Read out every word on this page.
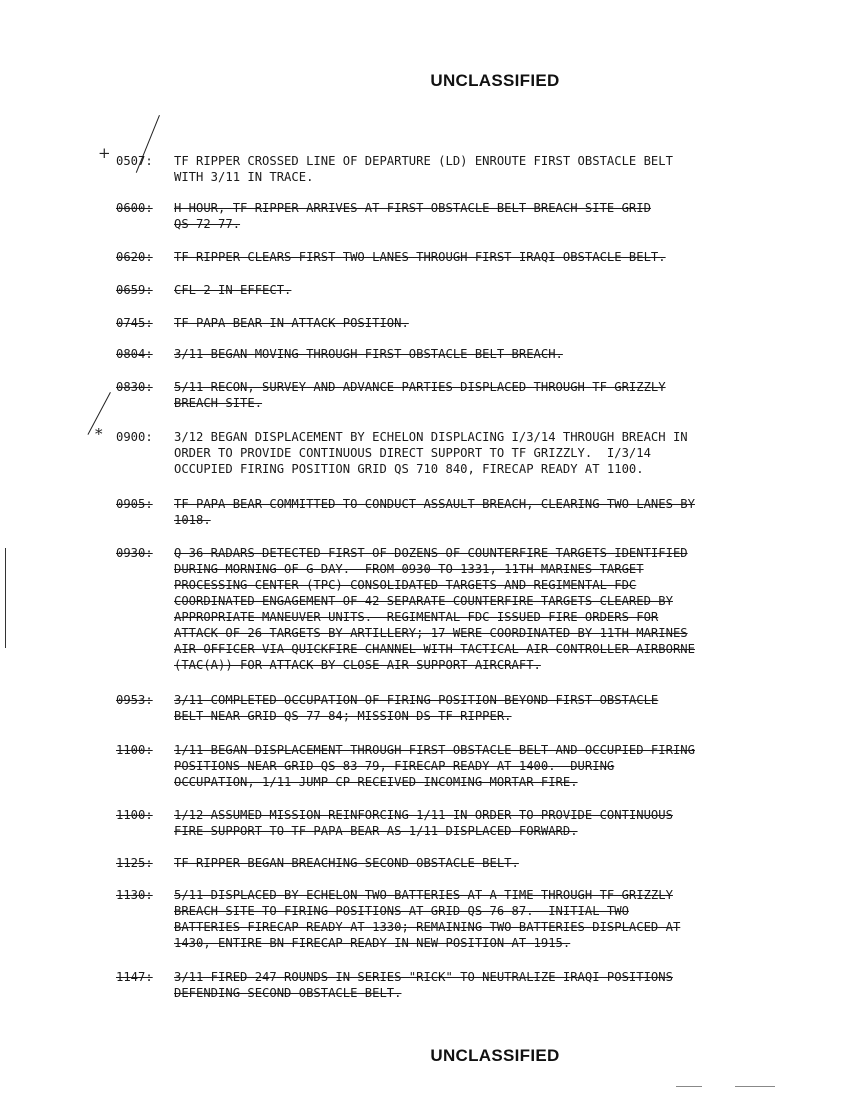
UNCLASSIFIED
+
*
0507: TF RIPPER CROSSED LINE OF DEPARTURE (LD) ENROUTE FIRST OBSTACLE BELT
WITH 3/11 IN TRACE.
0600: H HOUR, TF RIPPER ARRIVES AT FIRST OBSTACLE BELT BREACH SITE GRID
QS 72 77.
0620: TF RIPPER CLEARS FIRST TWO LANES THROUGH FIRST IRAQI OBSTACLE BELT.
0659: CFL 2 IN EFFECT.
0745: TF PAPA BEAR IN ATTACK POSITION.
0804: 3/11 BEGAN MOVING THROUGH FIRST OBSTACLE BELT BREACH.
0830: 5/11 RECON, SURVEY AND ADVANCE PARTIES DISPLACED THROUGH TF GRIZZLY
BREACH SITE.
0900: 3/12 BEGAN DISPLACEMENT BY ECHELON DISPLACING I/3/14 THROUGH BREACH IN
ORDER TO PROVIDE CONTINUOUS DIRECT SUPPORT TO TF GRIZZLY.  I/3/14
OCCUPIED FIRING POSITION GRID QS 710 840, FIRECAP READY AT 1100.
0905: TF PAPA BEAR COMMITTED TO CONDUCT ASSAULT BREACH, CLEARING TWO LANES BY
1018.
0930: Q-36 RADARS DETECTED FIRST OF DOZENS OF COUNTERFIRE TARGETS IDENTIFIED
DURING MORNING OF G DAY.  FROM 0930 TO 1331, 11TH MARINES TARGET
PROCESSING CENTER (TPC) CONSOLIDATED TARGETS AND REGIMENTAL FDC
COORDINATED ENGAGEMENT OF 42 SEPARATE COUNTERFIRE TARGETS CLEARED BY
APPROPRIATE MANEUVER UNITS.  REGIMENTAL FDC ISSUED FIRE ORDERS FOR
ATTACK OF 26 TARGETS BY ARTILLERY; 17 WERE COORDINATED BY 11TH MARINES
AIR OFFICER VIA QUICKFIRE CHANNEL WITH TACTICAL AIR CONTROLLER AIRBORNE
(TAC(A)) FOR ATTACK BY CLOSE AIR SUPPORT AIRCRAFT.
0953: 3/11 COMPLETED OCCUPATION OF FIRING POSITION BEYOND FIRST OBSTACLE
BELT NEAR GRID QS 77 84; MISSION DS TF RIPPER.
1100: 1/11 BEGAN DISPLACEMENT THROUGH FIRST OBSTACLE BELT AND OCCUPIED FIRING
POSITIONS NEAR GRID QS 83 79, FIRECAP READY AT 1400.  DURING
OCCUPATION, 1/11 JUMP CP RECEIVED INCOMING MORTAR FIRE.
1100: 1/12 ASSUMED MISSION REINFORCING 1/11 IN ORDER TO PROVIDE CONTINUOUS
FIRE SUPPORT TO TF PAPA BEAR AS 1/11 DISPLACED FORWARD.
1125: TF RIPPER BEGAN BREACHING SECOND OBSTACLE BELT.
1130: 5/11 DISPLACED BY ECHELON TWO BATTERIES AT A TIME THROUGH TF GRIZZLY
BREACH SITE TO FIRING POSITIONS AT GRID QS 76 87.  INITIAL TWO
BATTERIES FIRECAP READY AT 1330; REMAINING TWO BATTERIES DISPLACED AT
1430, ENTIRE BN FIRECAP READY IN NEW POSITION AT 1915.
1147: 3/11 FIRED 247 ROUNDS IN SERIES "RICK" TO NEUTRALIZE IRAQI POSITIONS
DEFENDING SECOND OBSTACLE BELT.
UNCLASSIFIED
